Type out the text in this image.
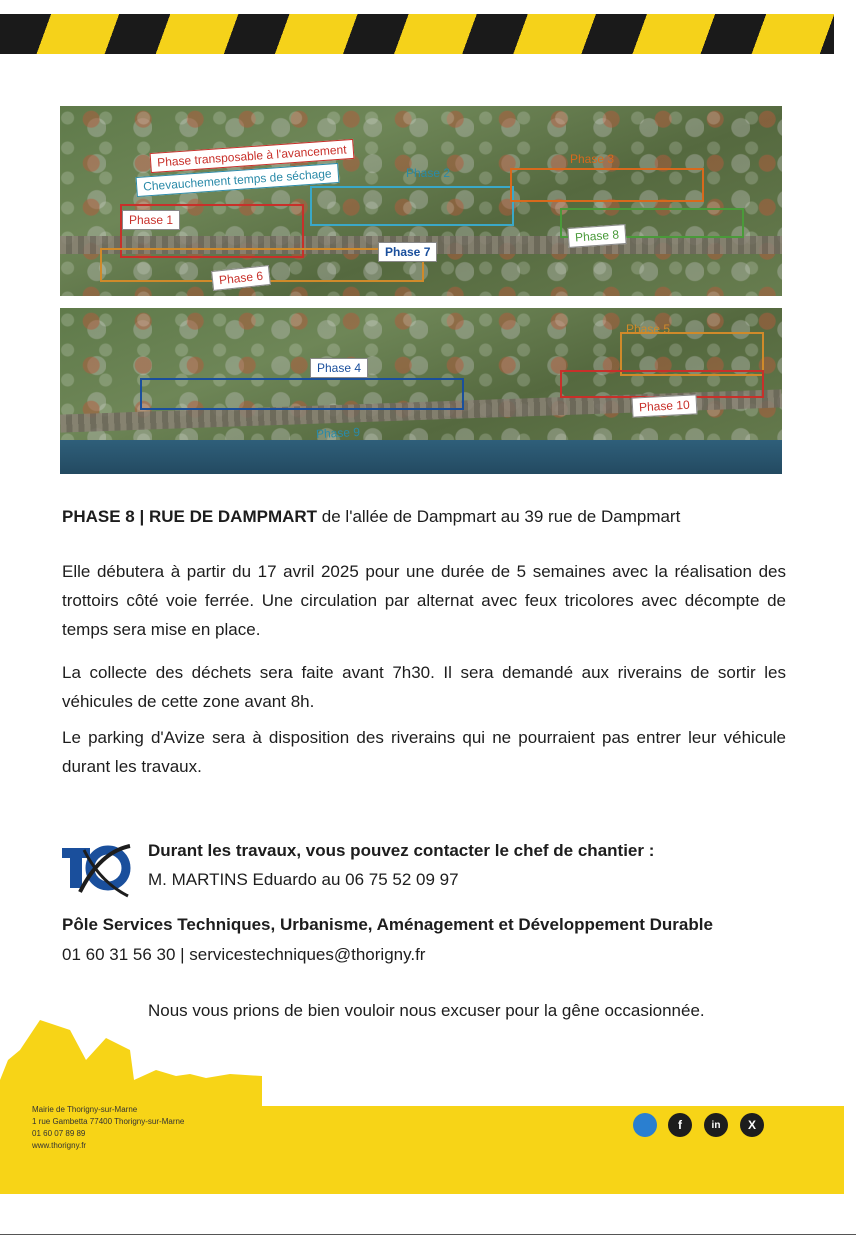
Phase transposable à l'avancement
Chevauchement temps de séchage
Phase 1
Phase 2
Phase 3
Phase 6
Phase 7
Phase 8
Phase 4
Phase 5
Phase 9
Phase 10
PHASE 8 | RUE DE DAMPMART de l'allée de Dampmart au 39 rue de Dampmart

Elle débutera à partir du 17 avril 2025 pour une durée de 5 semaines avec la réalisation des trottoirs côté voie ferrée. Une circulation par alternat avec feux tricolores avec décompte de temps sera mise en place.

La collecte des déchets sera faite avant 7h30. Il sera demandé aux riverains de sortir les véhicules de cette zone avant 8h.

Le parking d'Avize sera à disposition des riverains qui ne pourraient pas entrer leur véhicule durant les travaux.

Durant les travaux, vous pouvez contacter le chef de chantier :
M. MARTINS Eduardo au 06 75 52 09 97
Pôle Services Techniques, Urbanisme, Aménagement et Développement Durable
01 60 31 56 30 | servicestechniques@thorigny.fr
Nous vous prions de bien vouloir nous excuser pour la gêne occasionnée.
Mairie de Thorigny-sur-Marne
1 rue Gambetta 77400 Thorigny-sur-Marne
01 60 07 89 89
www.thorigny.fr
f	in	X
